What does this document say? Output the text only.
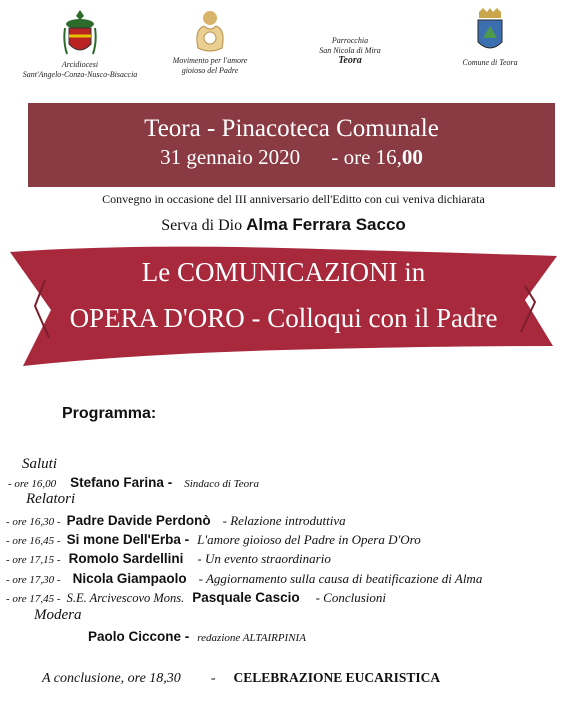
Arcidiocesi
Sant'Angelo-Conza-Nusco-Bisaccia
Movimento per l'amore
gioioso del Padre
Parrocchia
San Nicola di Mira
Teora	Comune di Teora
Teora - Pinacoteca Comunale
31 gennaio 2020 - ore 16,00
Convegno in occasione del III anniversario dell'Editto con cui veniva dichiarata
Serva di Dio Alma Ferrara Sacco
Le COMUNICAZIONI in
OPERA D'ORO - Colloqui con il Padre
Programma:
Saluti
- ore 16,00 Stefano Farina - Sindaco di Teora
Relatori
- ore 16,30 - Padre Davide Perdonò - Relazione introduttiva
- ore 16,45 - Si mone Dell'Erba - L'amore gioioso del Padre in Opera D'Oro
- ore 17,15 - Romolo Sardellini - Un evento straordinario
- ore 17,30 - Nicola Giampaolo - Aggiornamento sulla causa di beatificazione di Alma
- ore 17,45 - S.E. Arcivescovo Mons. Pasquale Cascio - Conclusioni
Modera
Paolo Ciccone - redazione ALTAIRPINIA
A conclusione, ore 18,30 - CELEBRAZIONE EUCARISTICA
